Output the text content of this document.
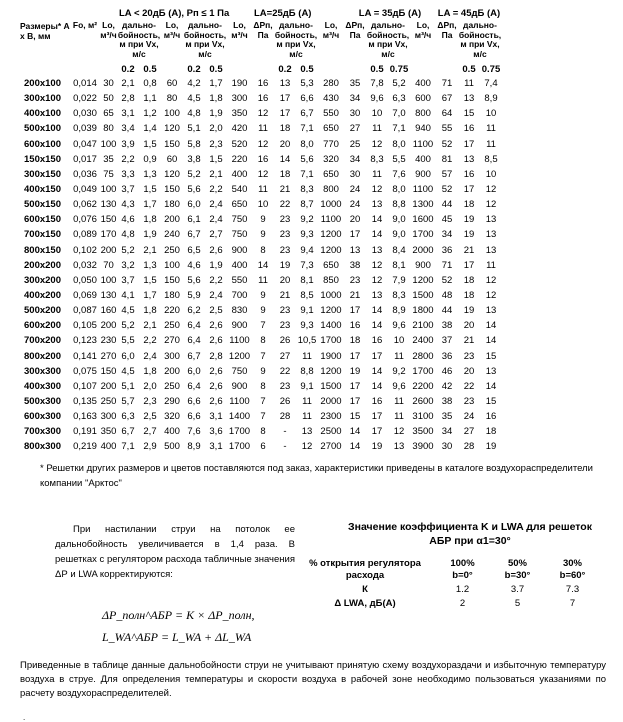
			LA < 20дБ (А), Pп ≤ 1 Па						LA=25дБ (А)				LA = 35дБ (А)				LA = 45дБ (А)		
Размеры* А х В, мм	Fo, м²	Lo, м³/ч	дально- бойность, м при Vx, м/с		Lo, м³/ч	дально- бойность, м при Vx, м/с		Lo, м³/ч	ΔPп, Па	дально- бойность, м при Vx, м/с		Lo, м³/ч	ΔPп, Па	дально- бойность, м при Vx, м/с		Lo, м³/ч	ΔPп, Па	дально- бойность, м при Vx, м/с	
			0.2	0.5		0.2	0.5			0.2	0.5			0.5	0.75			0.5	0.75
200x100	0,014	30	2,1	0,8	60	4,2	1,7	190	16	13	5,3	280	35	7,8	5,2	400	71	11	7,4
300x100	0,022	50	2,8	1,1	80	4,5	1,8	300	16	17	6,6	430	34	9,6	6,3	600	67	13	8,9
400x100	0,030	65	3,1	1,2	100	4,8	1,9	350	12	17	6,7	550	30	10	7,0	800	64	15	10
500x100	0,039	80	3,4	1,4	120	5,1	2,0	420	11	18	7,1	650	27	11	7,1	940	55	16	11
600x100	0,047	100	3,9	1,5	150	5,8	2,3	520	12	20	8,0	770	25	12	8,0	1100	52	17	11
150x150	0,017	35	2,2	0,9	60	3,8	1,5	220	16	14	5,6	320	34	8,3	5,5	400	81	13	8,5
300x150	0,036	75	3,3	1,3	120	5,2	2,1	400	12	18	7,1	650	30	11	7,6	900	57	16	10
400x150	0,049	100	3,7	1,5	150	5,6	2,2	540	11	21	8,3	800	24	12	8,0	1100	52	17	12
500x150	0,062	130	4,3	1,7	180	6,0	2,4	650	10	22	8,7	1000	24	13	8,8	1300	44	18	12
600x150	0,076	150	4,6	1,8	200	6,1	2,4	750	9	23	9,2	1100	20	14	9,0	1600	45	19	13
700x150	0,089	170	4,8	1,9	240	6,7	2,7	750	9	23	9,3	1200	17	14	9,0	1700	34	19	13
800x150	0,102	200	5,2	2,1	250	6,5	2,6	900	8	23	9,4	1200	13	13	8,4	2000	36	21	13
200x200	0,032	70	3,2	1,3	100	4,6	1,9	400	14	19	7,3	650	38	12	8,1	900	71	17	11
300x200	0,050	100	3,7	1,5	150	5,6	2,2	550	11	20	8,1	850	23	12	7,9	1200	52	18	12
400x200	0,069	130	4,1	1,7	180	5,9	2,4	700	9	21	8,5	1000	21	13	8,3	1500	48	18	12
500x200	0,087	160	4,5	1,8	220	6,2	2,5	830	9	23	9,1	1200	17	14	8,9	1800	44	19	13
600x200	0,105	200	5,2	2,1	250	6,4	2,6	900	7	23	9,3	1400	16	14	9,6	2100	38	20	14
700x200	0,123	230	5,5	2,2	270	6,4	2,6	1100	8	26	10,5	1700	18	16	10	2400	37	21	14
800x200	0,141	270	6,0	2,4	300	6,7	2,8	1200	7	27	11	1900	17	17	11	2800	36	23	15
300x300	0,075	150	4,5	1,8	200	6,0	2,6	750	9	22	8,8	1200	19	14	9,2	1700	46	20	13
400x300	0,107	200	5,1	2,0	250	6,4	2,6	900	8	23	9,1	1500	17	14	9,6	2200	42	22	14
500x300	0,135	250	5,7	2,3	290	6,6	2,6	1100	7	26	11	2000	17	16	11	2600	38	23	15
600x300	0,163	300	6,3	2,5	320	6,6	3,1	1400	7	28	11	2300	15	17	11	3100	35	24	16
700x300	0,191	350	6,7	2,7	400	7,6	3,6	1700	8	-	13	2500	14	17	12	3500	34	27	18
800x300	0,219	400	7,1	2,9	500	8,9	3,1	1700	6	-	12	2700	14	19	13	3900	30	28	19
* Решетки других размеров и цветов поставляются под заказ, характеристики приведены в каталоге воздухораспределители компании "Арктос"
При настилании струи на потолок ее дальнобойность увеличивается в 1,4 раза. В решетках с регулятором расхода табличные значения ΔР и LWA корректируются:
ΔP_полн^АБР = K × ΔP_полн,
L_WA^АБР = L_WA + ΔL_WA
Значение коэффициента K и LWA для решеток АБР при α1=30°
% открытия регулятора расхода	100%	50%	30%
	b=0°	b=30°	b=60°
К	1.2	3.7	7.3
Δ LWA, дБ(А)	2	5	7
Приведенные в таблице данные дальнобойности струи не учитывают принятую схему воздухораздачи и избыточную температуру воздуха в струе. Для определения температуры и скорости воздуха в рабочей зоне необходимо пользоваться указаниями по расчету воздухораспределителей.
.
